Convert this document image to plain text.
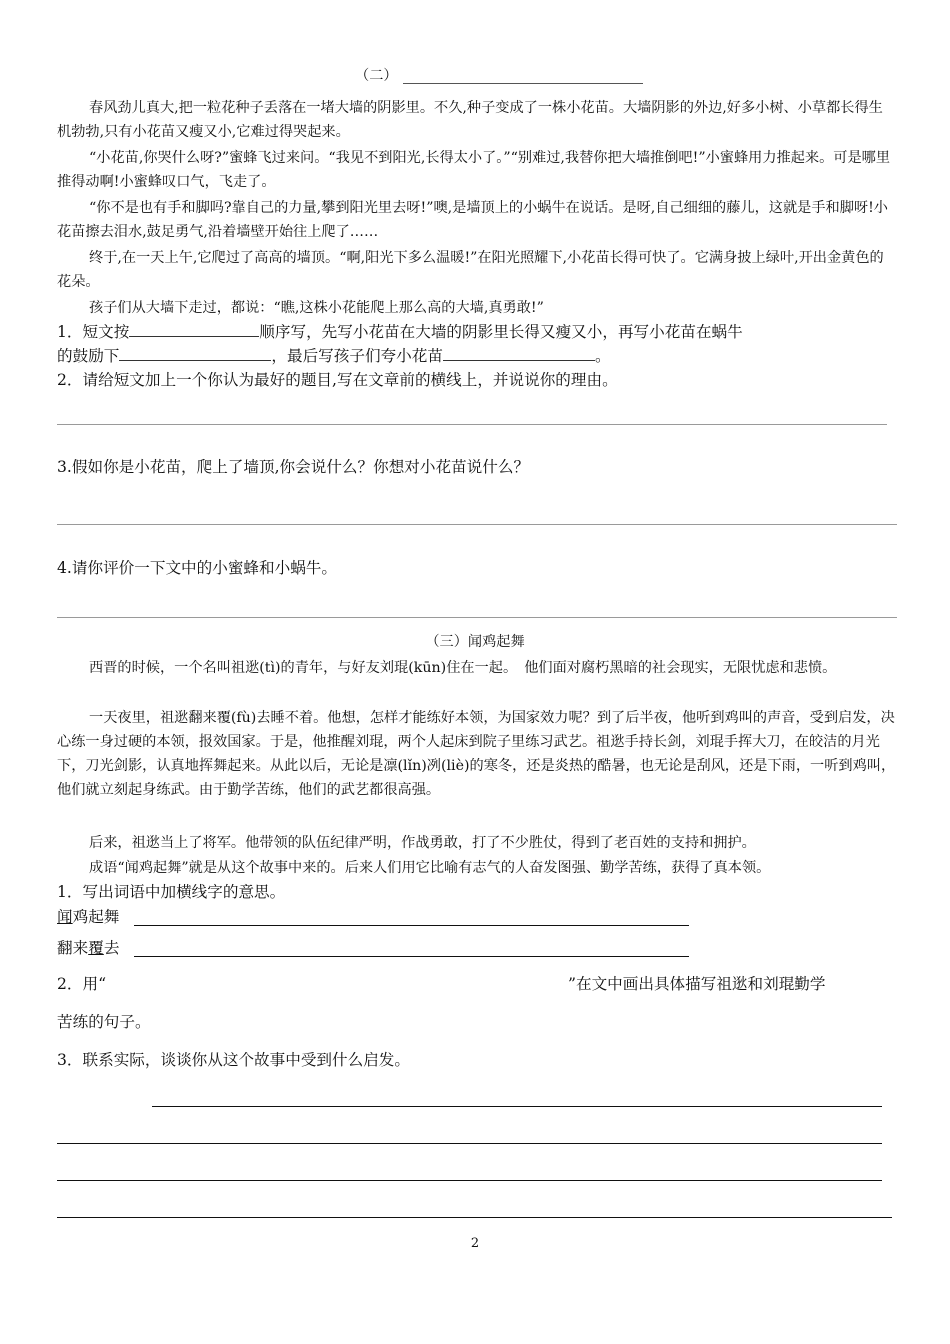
（二）
春风劲儿真大,把一粒花种子丢落在一堵大墙的阴影里。不久,种子变成了一株小花苗。大墙阴影的外边,好多小树、小草都长得生机勃勃,只有小花苗又瘦又小,它难过得哭起来。
“小花苗,你哭什么呀?”蜜蜂飞过来问。“我见不到阳光,长得太小了。”“别难过,我替你把大墙推倒吧!”小蜜蜂用力推起来。可是哪里推得动啊!小蜜蜂叹口气，飞走了。
“你不是也有手和脚吗?靠自己的力量,攀到阳光里去呀!”噢,是墙顶上的小蜗牛在说话。是呀,自己细细的藤儿，这就是手和脚呀!小花苗擦去泪水,鼓足勇气,沿着墙壁开始往上爬了……
终于,在一天上午,它爬过了高高的墙顶。“啊,阳光下多么温暖!”在阳光照耀下,小花苗长得可快了。它满身披上绿叶,开出金黄色的花朵。
孩子们从大墙下走过，都说：“瞧,这株小花能爬上那么高的大墙,真勇敢!”
1．短文按	顺序写，先写小花苗在大墙的阴影里长得又瘦又小，再写小花苗在蜗牛
的鼓励下	，最后写孩子们夸小花苗	。
2．请给短文加上一个你认为最好的题目,写在文章前的横线上，并说说你的理由。
3.假如你是小花苗，爬上了墙顶,你会说什么？你想对小花苗说什么？
4.请你评价一下文中的小蜜蜂和小蜗牛。
（三）闻鸡起舞
西晋的时候，一个名叫祖逖(tì)的青年，与好友刘琨(kūn)住在一起。　他们面对腐朽黑暗的社会现实，无限忧虑和悲愤。
一天夜里，祖逖翻来覆(fù)去睡不着。他想，怎样才能练好本领，为国家效力呢？到了后半夜，他听到鸡叫的声音，受到启发，决心练一身过硬的本领，报效国家。于是，他推醒刘琨，两个人起床到院子里练习武艺。祖逖手持长剑，刘琨手挥大刀，在皎洁的月光下，刀光剑影，认真地挥舞起来。从此以后，无论是凛(lǐn)冽(liè)的寒冬，还是炎热的酷暑，也无论是刮风，还是下雨，一听到鸡叫，他们就立刻起身练武。由于勤学苦练，他们的武艺都很高强。
后来，祖逖当上了将军。他带领的队伍纪律严明，作战勇敢，打了不少胜仗，得到了老百姓的支持和拥护。
成语“闻鸡起舞”就是从这个故事中来的。后来人们用它比喻有志气的人奋发图强、勤学苦练，获得了真本领。
1．写出词语中加横线字的意思。
闻鸡起舞
翻来覆去
2．用“	”在文中画出具体描写祖逖和刘琨勤学
苦练的句子。
3．联系实际，谈谈你从这个故事中受到什么启发。
2
